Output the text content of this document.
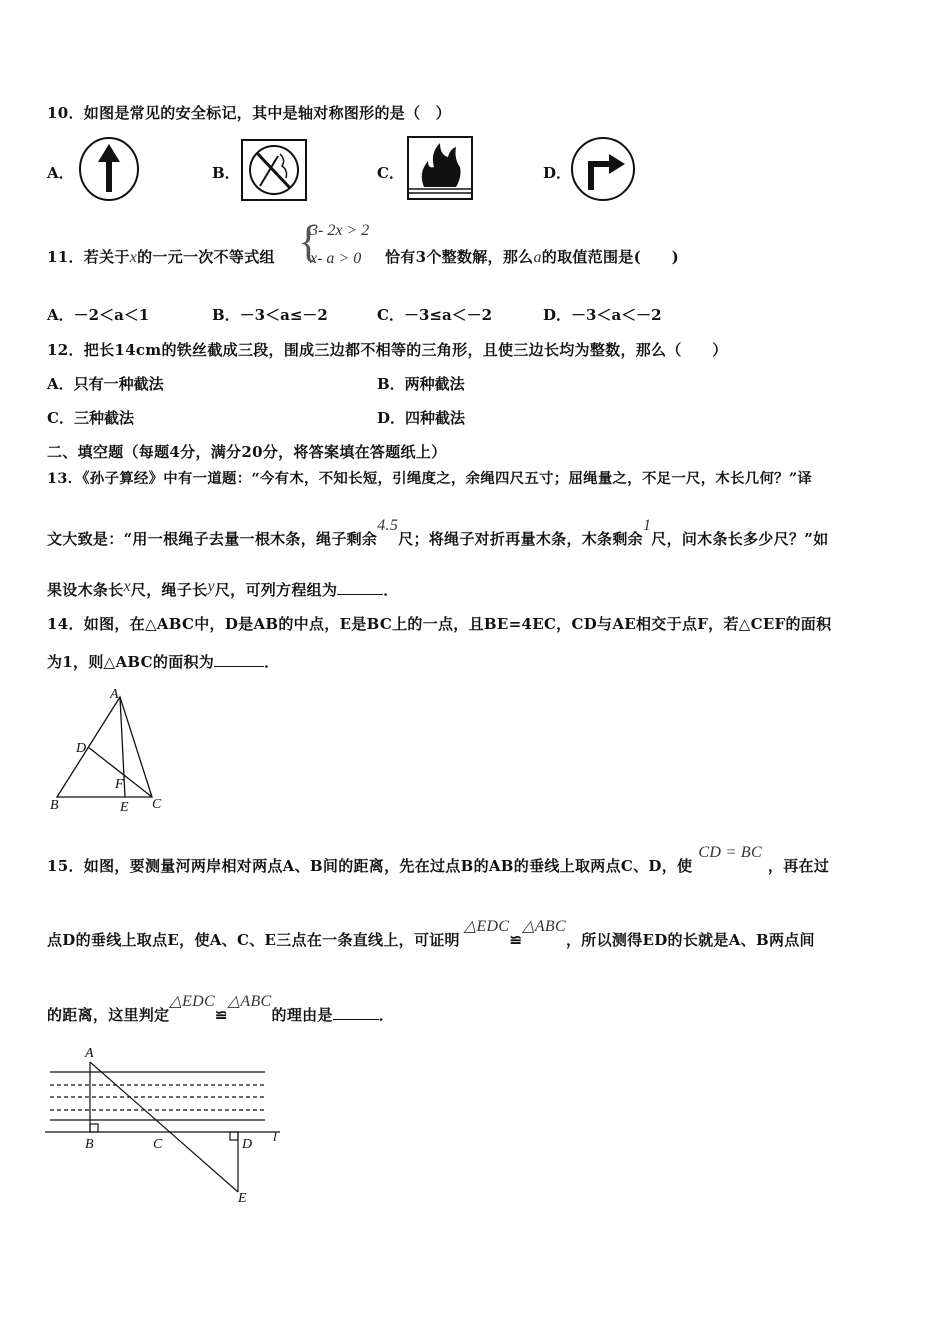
10．如图是常见的安全标记，其中是轴对称图形的是（　）
A．	B．	C．	D．
11．若关于x的一元一次不等式组 {
3- 2x > 2
x- a > 0 恰有3个整数解，那么a的取值范围是(　　)
A．－2＜a＜1	B．－3＜a≤－2	C．－3≤a＜－2	D．－3＜a＜－2
12．把长14cm的铁丝截成三段，围成三边都不相等的三角形，且使三边长均为整数，那么（　　）
A．只有一种截法	B．两种截法
C．三种截法	D．四种截法
二、填空题（每题4分，满分20分，将答案填在答题纸上）
13．《孙子算经》中有一道题：“今有木，不知长短，引绳度之，余绳四尺五寸；屈绳量之，不足一尺，木长几何？”译
文大致是：“用一根绳子去量一根木条，绳子剩余4.5尺；将绳子对折再量木条，木条剩余1尺，问木条长多少尺？”如
果设木条长x尺，绳子长y尺，可列方程组为	．
14．如图，在△ABC中，D是AB的中点，E是BC上的一点，且BE=4EC，CD与AE相交于点F，若△CEF的面积
为1，则△ABC的面积为	．
A
D
F
B	E C
15．如图，要测量河两岸相对两点A、B间的距离，先在过点B的AB的垂线上取两点C、D，使CD = BC，再在过
点D的垂线上取点E，使A、C、E三点在一条直线上，可证明△EDC≌△ABC，所以测得ED的长就是A、B两点间
的距离，这里判定△EDC≌△ABC的理由是	．
A
B	C	D l
E
